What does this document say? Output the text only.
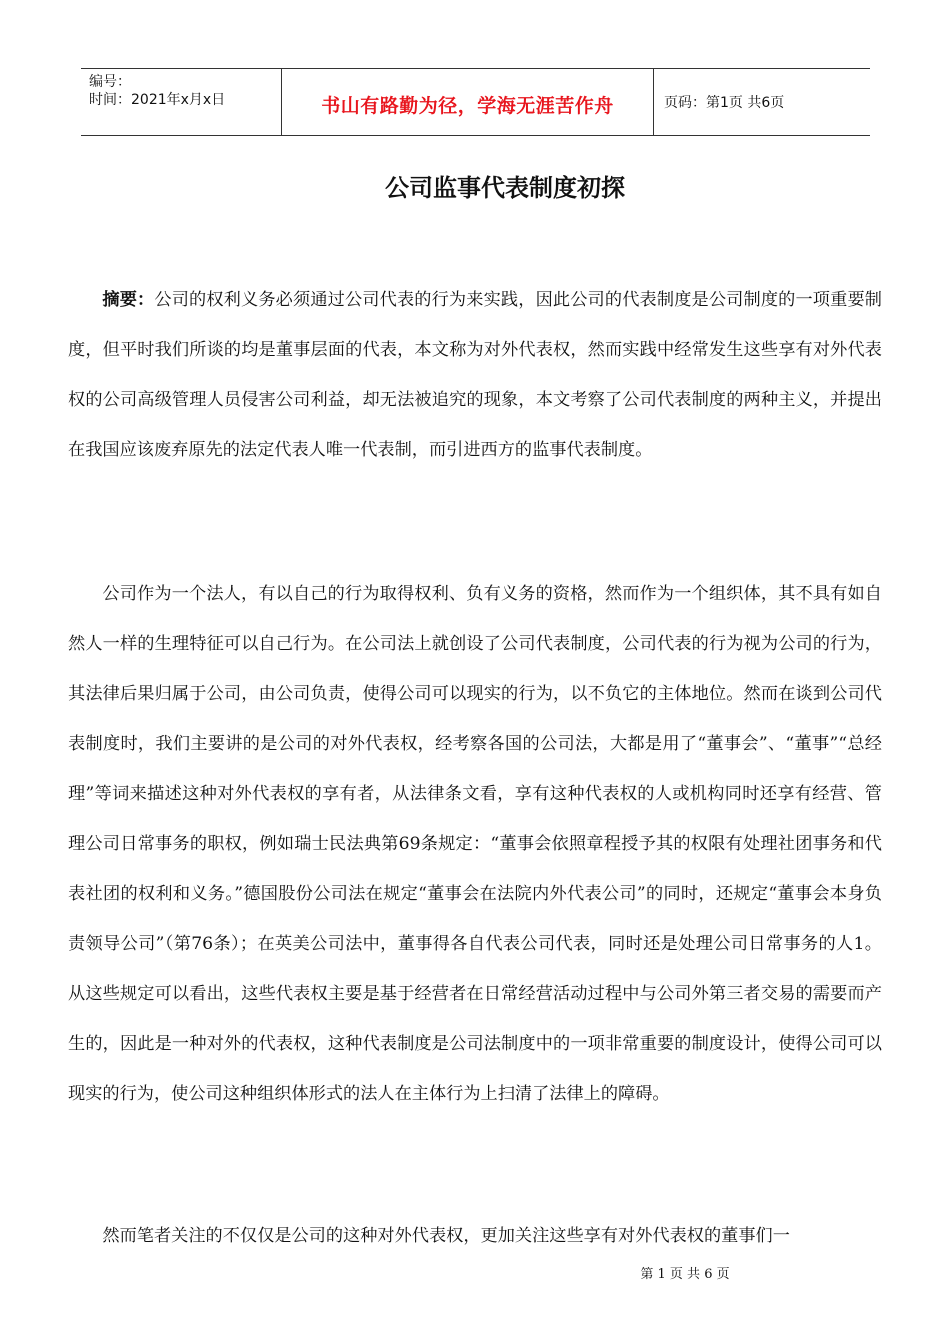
编号：
时间：2021年x月x日	书山有路勤为径，学海无涯苦作舟	页码：第1页 共6页
公司监事代表制度初探

摘要：公司的权利义务必须通过公司代表的行为来实践，因此公司的代表制度是公司制度的一项重要制度，但平时我们所谈的均是董事层面的代表，本文称为对外代表权，然而实践中经常发生这些享有对外代表权的公司高级管理人员侵害公司利益，却无法被追究的现象，本文考察了公司代表制度的两种主义，并提出在我国应该废弃原先的法定代表人唯一代表制，而引进西方的监事代表制度。

公司作为一个法人，有以自己的行为取得权利、负有义务的资格，然而作为一个组织体，其不具有如自然人一样的生理特征可以自己行为。在公司法上就创设了公司代表制度，公司代表的行为视为公司的行为，其法律后果归属于公司，由公司负责，使得公司可以现实的行为，以不负它的主体地位。然而在谈到公司代表制度时，我们主要讲的是公司的对外代表权，经考察各国的公司法，大都是用了“董事会”、“董事”“总经理”等词来描述这种对外代表权的享有者，从法律条文看，享有这种代表权的人或机构同时还享有经营、管理公司日常事务的职权，例如瑞士民法典第69条规定：“董事会依照章程授予其的权限有处理社团事务和代表社团的权利和义务。”德国股份公司法在规定“董事会在法院内外代表公司”的同时，还规定“董事会本身负责领导公司”（第76条）；在英美公司法中，董事得各自代表公司代表，同时还是处理公司日常事务的人1。从这些规定可以看出，这些代表权主要是基于经营者在日常经营活动过程中与公司外第三者交易的需要而产生的，因此是一种对外的代表权，这种代表制度是公司法制度中的一项非常重要的制度设计，使得公司可以现实的行为，使公司这种组织体形式的法人在主体行为上扫清了法律上的障碍。

然而笔者关注的不仅仅是公司的这种对外代表权，更加关注这些享有对外代表权的董事们一

第 1 页 共 6 页
